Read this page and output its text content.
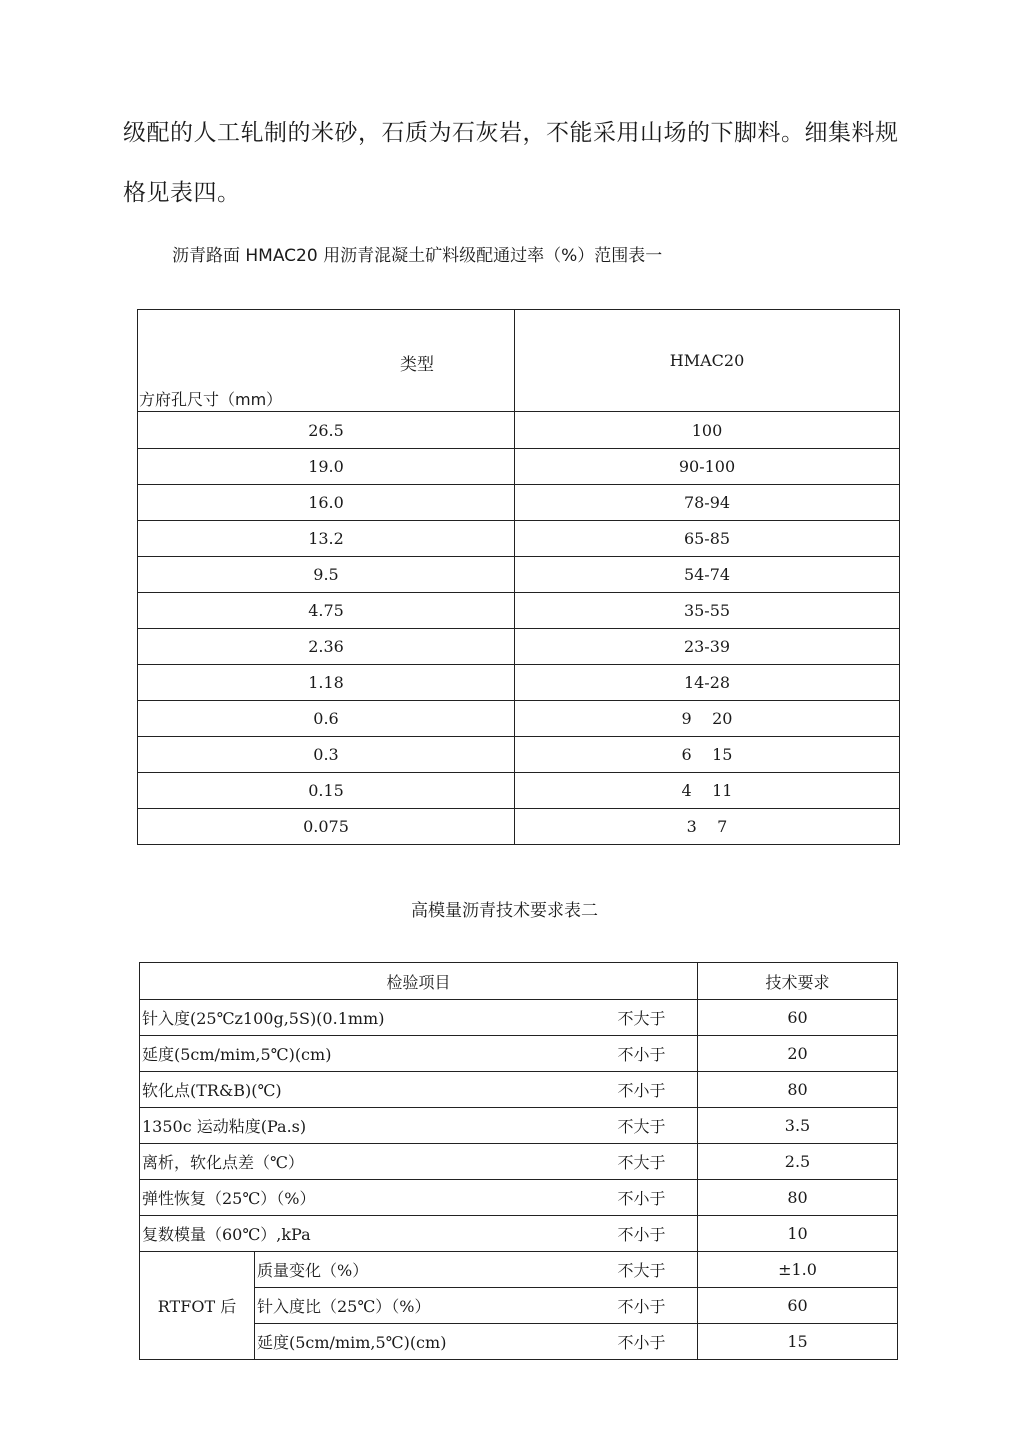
级配的人工轧制的米砂，石质为石灰岩，不能采用山场的下脚料。细集料规
格见表四。
沥青路面 HMAC20 用沥青混凝土矿料级配通过率（%）范围表一
类型
方府孔尺寸（mm）	HMAC20
26.5	100
19.0	90-100
16.0	78-94
13.2	65-85
9.5	54-74
4.75	35-55
2.36	23-39
1.18	14-28
0.6	9    20
0.3	6    15
0.15	4    11
0.075	3    7
高模量沥青技术要求表二
检验项目			技术要求
针入度(25℃z100g,5S)(0.1mm)		不大于	60
延度(5cm/mim,5℃)(cm)		不小于	20
软化点(TR&B)(℃)		不小于	80
1350c 运动粘度(Pa.s)		不大于	3.5
离析，软化点差（℃）		不大于	2.5
弹性恢复（25℃）（%）		不小于	80
复数模量（60℃）,kPa		不小于	10
RTFOT 后	质量变化（%）	不大于	±1.0
	针入度比（25℃）（%）	不小于	60
	延度(5cm/mim,5℃)(cm)	不小于	15
